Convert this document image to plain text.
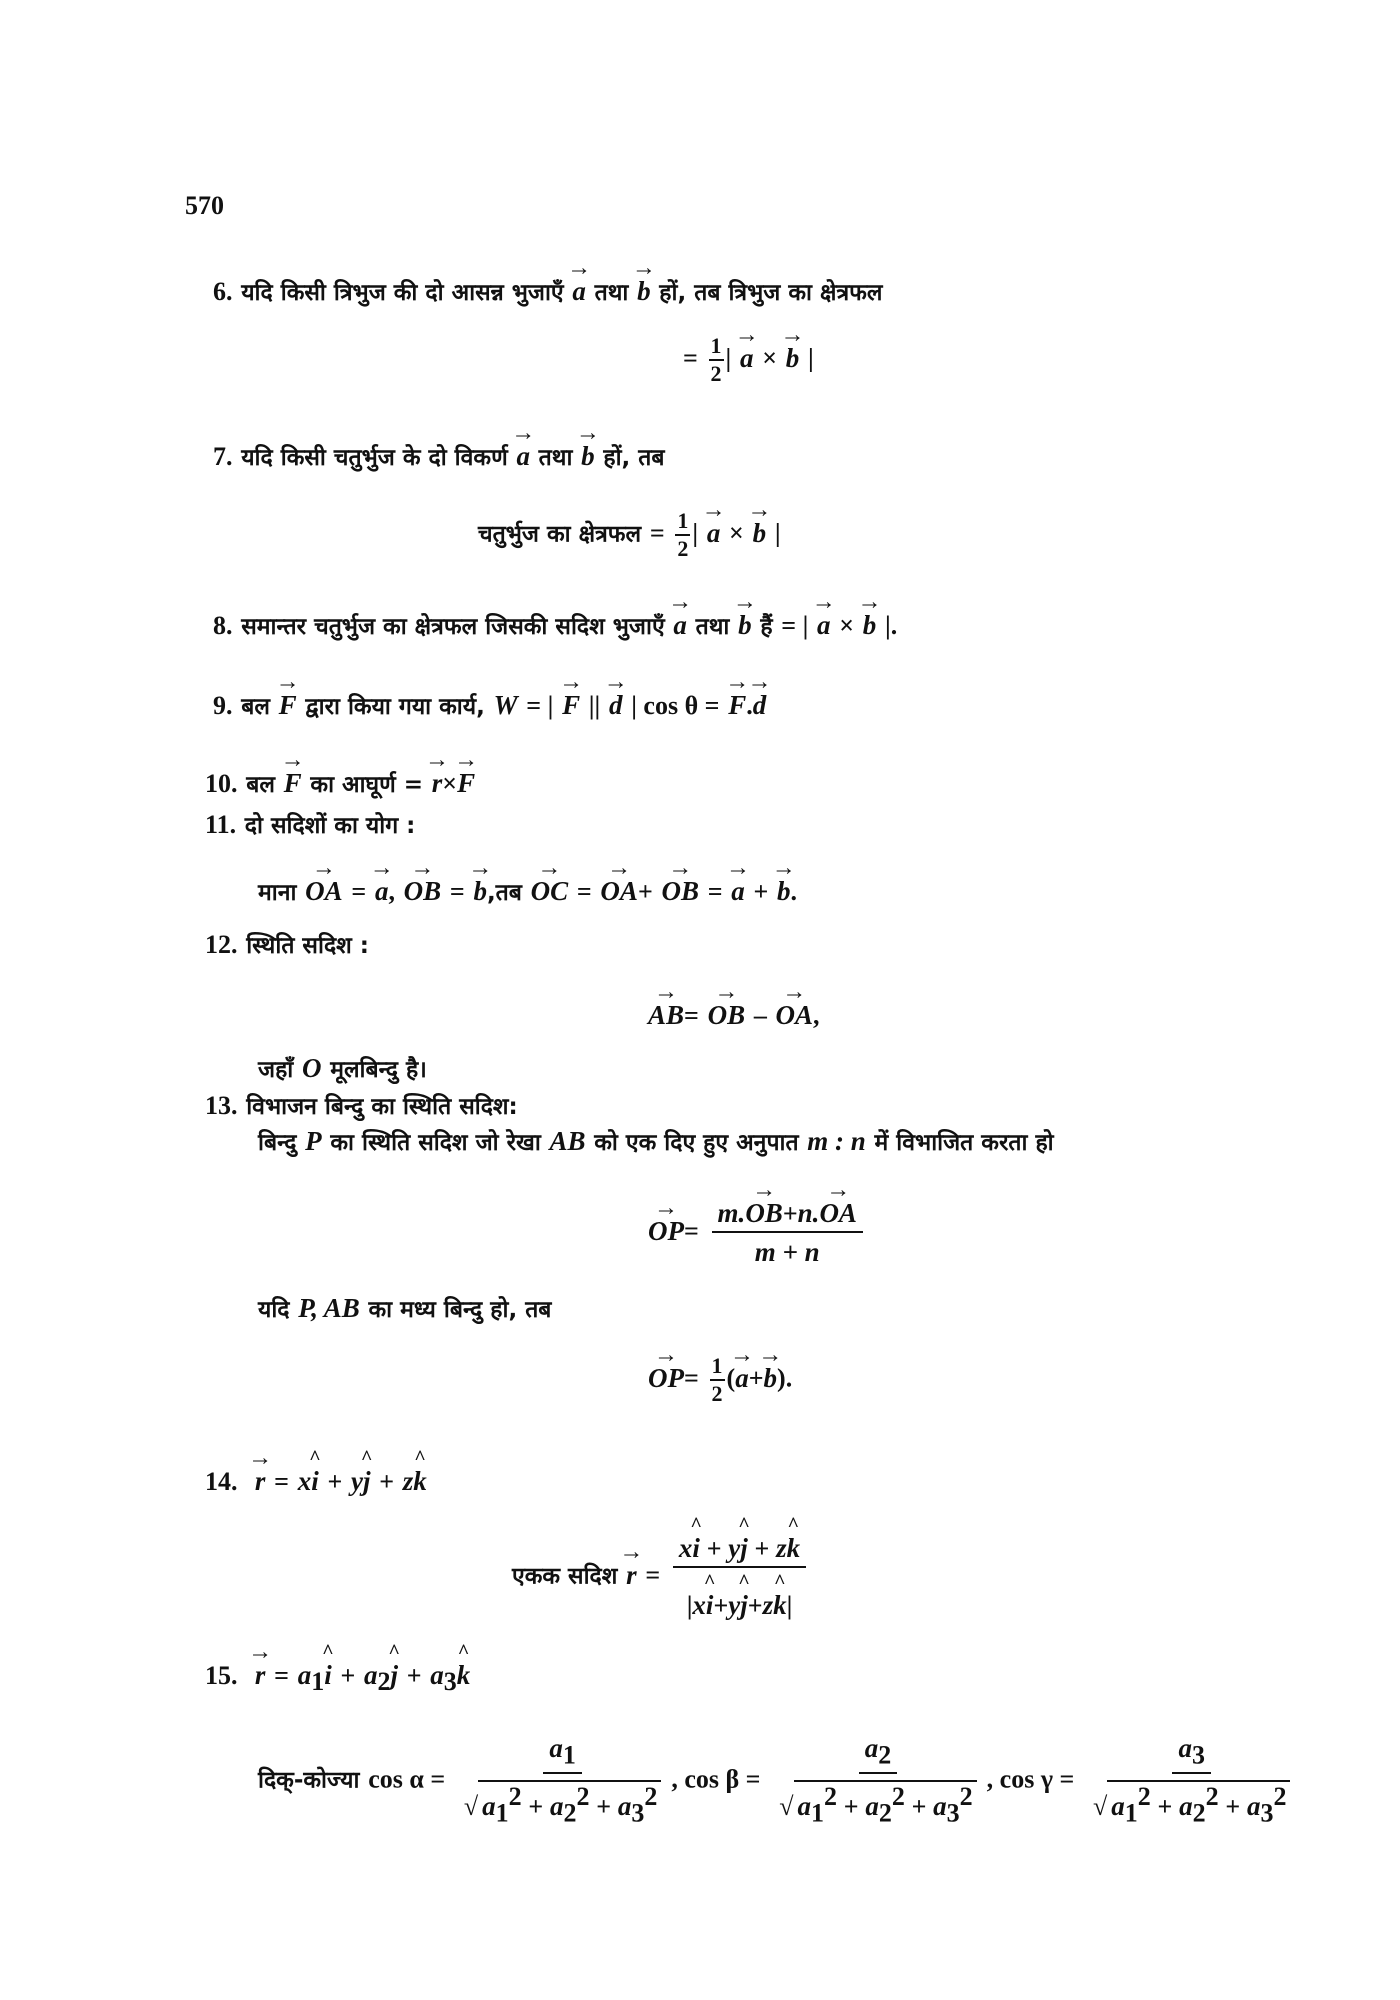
570
6. यदि किसी त्रिभुज की दो आसन्न भुजाएँ → a तथा → b हों, तब त्रिभुज का क्षेत्रफल
= $\frac{1}{2}$ | → a × → b |
7. यदि किसी चतुर्भुज के दो विकर्ण → a तथा → b हों, तब
चतुर्भुज का क्षेत्रफल = $\frac{1}{2}$ | → a × → b |
8. समान्तर चतुर्भुज का क्षेत्रफल जिसकी सदिश भुजाएँ → a तथा → b हैं = | → a × → b |.
9. बल → F द्वारा किया गया कार्य, W = | → F || → d | cos θ = → F.→ d
10. बल → F का आघूर्ण = → r×→ F
11. दो सदिशों का योग :
माना → OA = → a, → OB = → b,तब → OC = → OA+ → OB = → a + → b.
12. स्थिति सदिश :
→ AB= → OB – → OA,
जहाँ O मूलबिन्दु है।
13. विभाजन बिन्दु का स्थिति सदिश:
बिन्दु P का स्थिति सदिश जो रेखा AB को एक दिए हुए अनुपात m : n में विभाजित करता हो
→ $OP= \frac{m.\to OB+n.\to OA}{m + n}$
यदि P, AB का मध्य बिन्दु हो, तब
→ $OP= \frac{1}{2}$ (→ a+→ b).
14. → r = x^ i + y^ j + z^ k
एकक सदिश → $r = \frac{x\^{} i + y\^{} j + z\^{} k}{|x\^{} i+y\^{} j+z\^{} k|}$
15. → $r = a_1\^{}$ $i + a_2\^{}$ $j + a_3\^{}$ k
दिक्-कोज्या $\cos \alpha = \frac{a_1}{√ a_1^2 + a_2^2 + a_3^2}$ , $\cos \beta = \frac{a_2}{√ a_1^2 + a_2^2 + a_3^2}$ , $\cos \gamma = \frac{a_3}{√ a_1^2 + a_2^2 + a_3^2}$
